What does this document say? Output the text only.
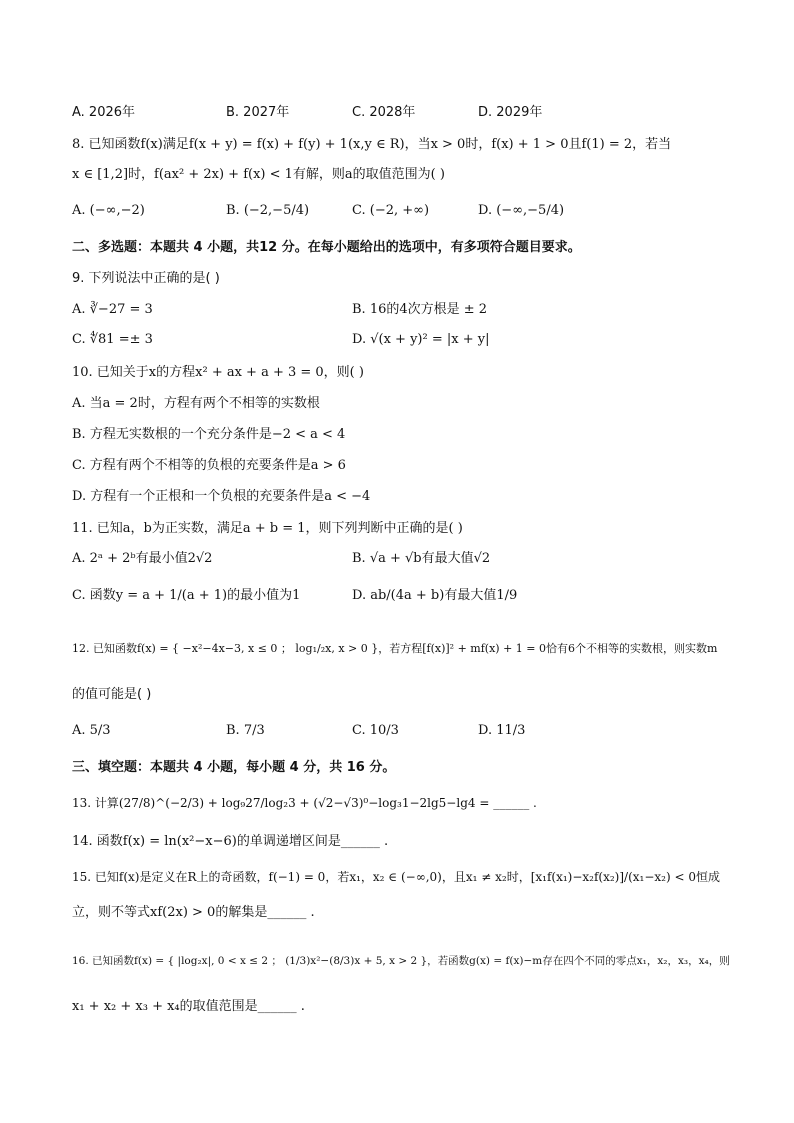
A. 2026年	B. 2027年	C. 2028年	D. 2029年
8. 已知函数f(x)满足f(x + y) = f(x) + f(y) + 1(x,y ∈ R)，当x > 0时，f(x) + 1 > 0且f(1) = 2，若当
x ∈ [1,2]时，f(ax² + 2x) + f(x) < 1有解，则a的取值范围为( )
A. (−∞,−2)	B. (−2,−5/4)	C. (−2, +∞)	D. (−∞,−5/4)
二、多选题：本题共 4 小题，共12 分。在每小题给出的选项中，有多项符合题目要求。
9. 下列说法中正确的是( )
A. ∛−27 = 3	B. 16的4次方根是 ± 2
C. ∜81 =± 3	D. √(x + y)² = |x + y|
10. 已知关于x的方程x² + ax + a + 3 = 0，则( )
A. 当a = 2时，方程有两个不相等的实数根
B. 方程无实数根的一个充分条件是−2 < a < 4
C. 方程有两个不相等的负根的充要条件是a > 6
D. 方程有一个正根和一个负根的充要条件是a < −4
11. 已知a，b为正实数，满足a + b = 1，则下列判断中正确的是( )
A. 2ᵃ + 2ᵇ有最小值2√2	B. √a + √b有最大值√2
C. 函数y = a + 1/(a + 1)的最小值为1	D. ab/(4a + b)有最大值1/9
12. 已知函数f(x) = { −x²−4x−3, x ≤ 0 ； log₁/₂x, x > 0 }，若方程[f(x)]² + mf(x) + 1 = 0恰有6个不相等的实数根，则实数m
的值可能是( )
A. 5/3	B. 7/3	C. 10/3	D. 11/3
三、填空题：本题共 4 小题，每小题 4 分，共 16 分。
13. 计算(27/8)^(−2/3) + log₉27/log₂3 + (√2−√3)⁰−log₃1−2lg5−lg4 = ______ .
14. 函数f(x) = ln(x²−x−6)的单调递增区间是______ .
15. 已知f(x)是定义在R上的奇函数，f(−1) = 0，若x₁，x₂ ∈ (−∞,0)，且x₁ ≠ x₂时，[x₁f(x₁)−x₂f(x₂)]/(x₁−x₂) < 0恒成
立，则不等式xf(2x) > 0的解集是______ .
16. 已知函数f(x) = { |log₂x|, 0 < x ≤ 2 ； (1/3)x²−(8/3)x + 5, x > 2 }，若函数g(x) = f(x)−m存在四个不同的零点x₁，x₂，x₃，x₄，则
x₁ + x₂ + x₃ + x₄的取值范围是______ .
